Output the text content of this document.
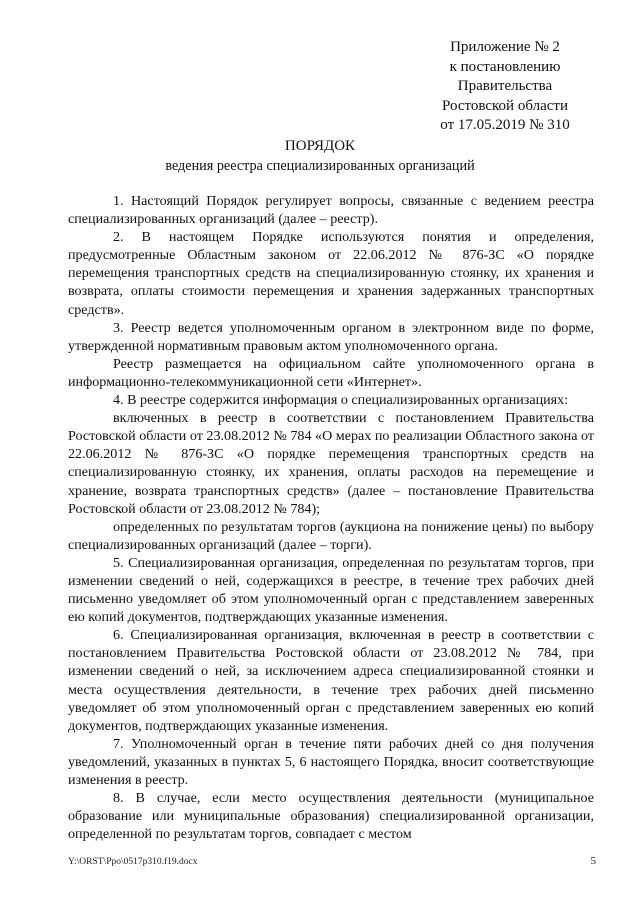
Приложение № 2
к постановлению
Правительства
Ростовской области
от 17.05.2019 № 310
ПОРЯДОК
ведения реестра специализированных организаций

1. Настоящий Порядок регулирует вопросы, связанные с ведением реестра специализированных организаций (далее – реестр).

2. В настоящем Порядке используются понятия и определения, предусмотренные Областным законом от 22.06.2012 № 876-ЗС «О порядке перемещения транспортных средств на специализированную стоянку, их хранения и возврата, оплаты стоимости перемещения и хранения задержанных транспортных средств».

3. Реестр ведется уполномоченным органом в электронном виде по форме, утвержденной нормативным правовым актом уполномоченного органа.

Реестр размещается на официальном сайте уполномоченного органа в информационно-телекоммуникационной сети «Интернет».

4. В реестре содержится информация о специализированных организациях:

включенных в реестр в соответствии с постановлением Правительства Ростовской области от 23.08.2012 № 784 «О мерах по реализации Областного закона от 22.06.2012 № 876-ЗС «О порядке перемещения транспортных средств на специализированную стоянку, их хранения, оплаты расходов на перемещение и хранение, возврата транспортных средств» (далее – постановление Правительства Ростовской области от 23.08.2012 № 784);

определенных по результатам торгов (аукциона на понижение цены) по выбору специализированных организаций (далее – торги).

5. Специализированная организация, определенная по результатам торгов, при изменении сведений о ней, содержащихся в реестре, в течение трех рабочих дней письменно уведомляет об этом уполномоченный орган с представлением заверенных ею копий документов, подтверждающих указанные изменения.

6. Специализированная организация, включенная в реестр в соответствии с постановлением Правительства Ростовской области от 23.08.2012 № 784, при изменении сведений о ней, за исключением адреса специализированной стоянки и места осуществления деятельности, в течение трех рабочих дней письменно уведомляет об этом уполномоченный орган с представлением заверенных ею копий документов, подтверждающих указанные изменения.

7. Уполномоченный орган в течение пяти рабочих дней со дня получения уведомлений, указанных в пунктах 5, 6 настоящего Порядка, вносит соответствующие изменения в реестр.

8. В случае, если место осуществления деятельности (муниципальное образование или муниципальные образования) специализированной организации, определенной по результатам торгов, совпадает с местом

Y:\ORST\Ppo\0517p310.f19.docx	5
